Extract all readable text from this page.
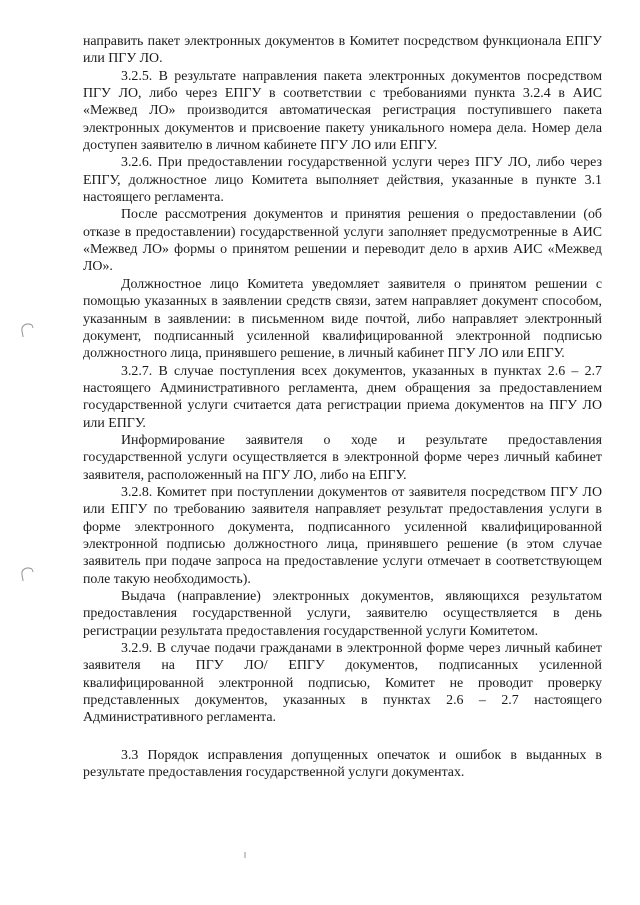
направить пакет электронных документов в Комитет посредством функционала ЕПГУ или ПГУ ЛО.

3.2.5. В результате направления пакета электронных документов посредством ПГУ ЛО, либо через ЕПГУ в соответствии с требованиями пункта 3.2.4 в АИС «Межвед ЛО» производится автоматическая регистрация поступившего пакета электронных документов и присвоение пакету уникального номера дела. Номер дела доступен заявителю в личном кабинете ПГУ ЛО или ЕПГУ.

3.2.6. При предоставлении государственной услуги через ПГУ ЛО, либо через ЕПГУ, должностное лицо Комитета выполняет действия, указанные в пункте 3.1 настоящего регламента.

После рассмотрения документов и принятия решения о предоставлении (об отказе в предоставлении) государственной услуги заполняет предусмотренные в АИС «Межвед ЛО» формы о принятом решении и переводит дело в архив АИС «Межвед ЛО».

Должностное лицо Комитета уведомляет заявителя о принятом решении с помощью указанных в заявлении средств связи, затем направляет документ способом, указанным в заявлении: в письменном виде почтой, либо направляет электронный документ, подписанный усиленной квалифицированной электронной подписью должностного лица, принявшего решение, в личный кабинет ПГУ ЛО или ЕПГУ.

3.2.7. В случае поступления всех документов, указанных в пунктах 2.6 – 2.7 настоящего Административного регламента, днем обращения за предоставлением государственной услуги считается дата регистрации приема документов на ПГУ ЛО или ЕПГУ.

Информирование заявителя о ходе и результате предоставления государственной услуги осуществляется в электронной форме через личный кабинет заявителя, расположенный на ПГУ ЛО, либо на ЕПГУ.

3.2.8. Комитет при поступлении документов от заявителя посредством ПГУ ЛО или ЕПГУ по требованию заявителя направляет результат предоставления услуги в форме электронного документа, подписанного усиленной квалифицированной электронной подписью должностного лица, принявшего решение (в этом случае заявитель при подаче запроса на предоставление услуги отмечает в соответствующем поле такую необходимость).

Выдача (направление) электронных документов, являющихся результатом предоставления государственной услуги, заявителю осуществляется в день регистрации результата предоставления государственной услуги Комитетом.

3.2.9. В случае подачи гражданами в электронной форме через личный кабинет заявителя на ПГУ ЛО/ ЕПГУ документов, подписанных усиленной квалифицированной электронной подписью, Комитет не проводит проверку представленных документов, указанных в пунктах 2.6 – 2.7 настоящего Административного регламента.

3.3 Порядок исправления допущенных опечаток и ошибок в выданных в результате предоставления государственной услуги документах.
